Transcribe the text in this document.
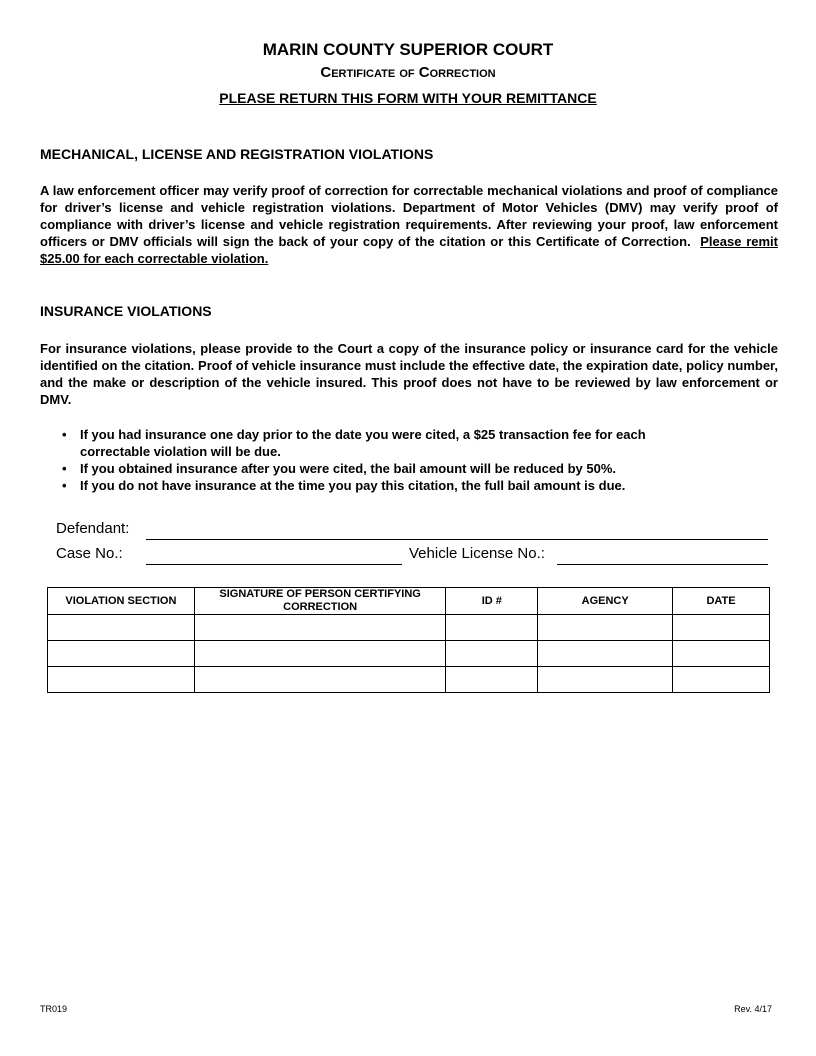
MARIN COUNTY SUPERIOR COURT
Certificate of Correction
PLEASE RETURN THIS FORM WITH YOUR REMITTANCE
MECHANICAL, LICENSE AND REGISTRATION VIOLATIONS

A law enforcement officer may verify proof of correction for correctable mechanical violations and proof of compliance for driver’s license and vehicle registration violations. Department of Motor Vehicles (DMV) may verify proof of compliance with driver’s license and vehicle registration requirements. After reviewing your proof, law enforcement officers or DMV officials will sign the back of your copy of the citation or this Certificate of Correction. Please remit $25.00 for each correctable violation.

INSURANCE VIOLATIONS

For insurance violations, please provide to the Court a copy of the insurance policy or insurance card for the vehicle identified on the citation. Proof of vehicle insurance must include the effective date, the expiration date, policy number, and the make or description of the vehicle insured. This proof does not have to be reviewed by law enforcement or DMV.

• If you had insurance one day prior to the date you were cited, a $25 transaction fee for each correctable violation will be due.
• If you obtained insurance after you were cited, the bail amount will be reduced by 50%.
• If you do not have insurance at the time you pay this citation, the full bail amount is due.
Defendant:
Case No.:	Vehicle License No.:
VIOLATION SECTION	SIGNATURE OF PERSON CERTIFYING CORRECTION	ID #	AGENCY	DATE

TR019	Rev. 4/17
